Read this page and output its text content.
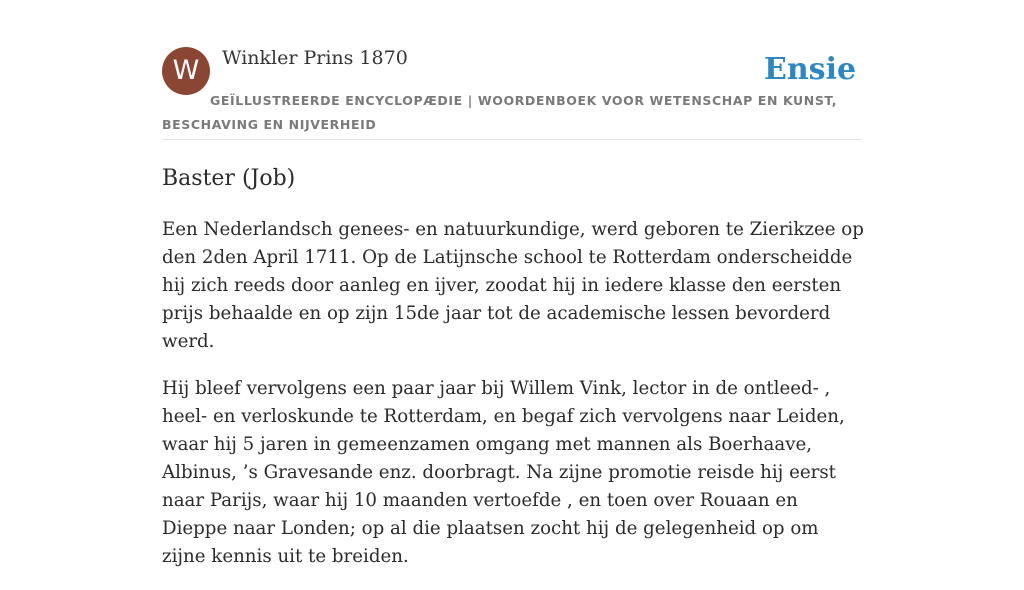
W	Winkler Prins 1870	Ensie
GEÏLLUSTREERDE ENCYCLOPÆDIE | WOORDENBOEK VOOR WETENSCHAP EN KUNST, BESCHAVING EN NIJVERHEID
Baster (Job)

Een Nederlandsch genees- en natuurkundige, werd geboren te Zierikzee op den 2den April 1711. Op de Latijnsche school te Rotterdam onderscheidde hij zich reeds door aanleg en ijver, zoodat hij in iedere klasse den eersten prijs behaalde en op zijn 15de jaar tot de academische lessen bevorderd werd.

Hij bleef vervolgens een paar jaar bij Willem Vink, lector in de ontleed- , heel- en verloskunde te Rotterdam, en begaf zich vervolgens naar Leiden, waar hij 5 jaren in gemeenzamen omgang met mannen als Boerhaave, Albinus, ’s Gravesande enz. doorbragt. Na zijne promotie reisde hij eerst naar Parijs, waar hij 10 maanden vertoefde , en toen over Rouaan en Dieppe naar Londen; op al die plaatsen zocht hij de gelegenheid op om zijne kennis uit te breiden.
